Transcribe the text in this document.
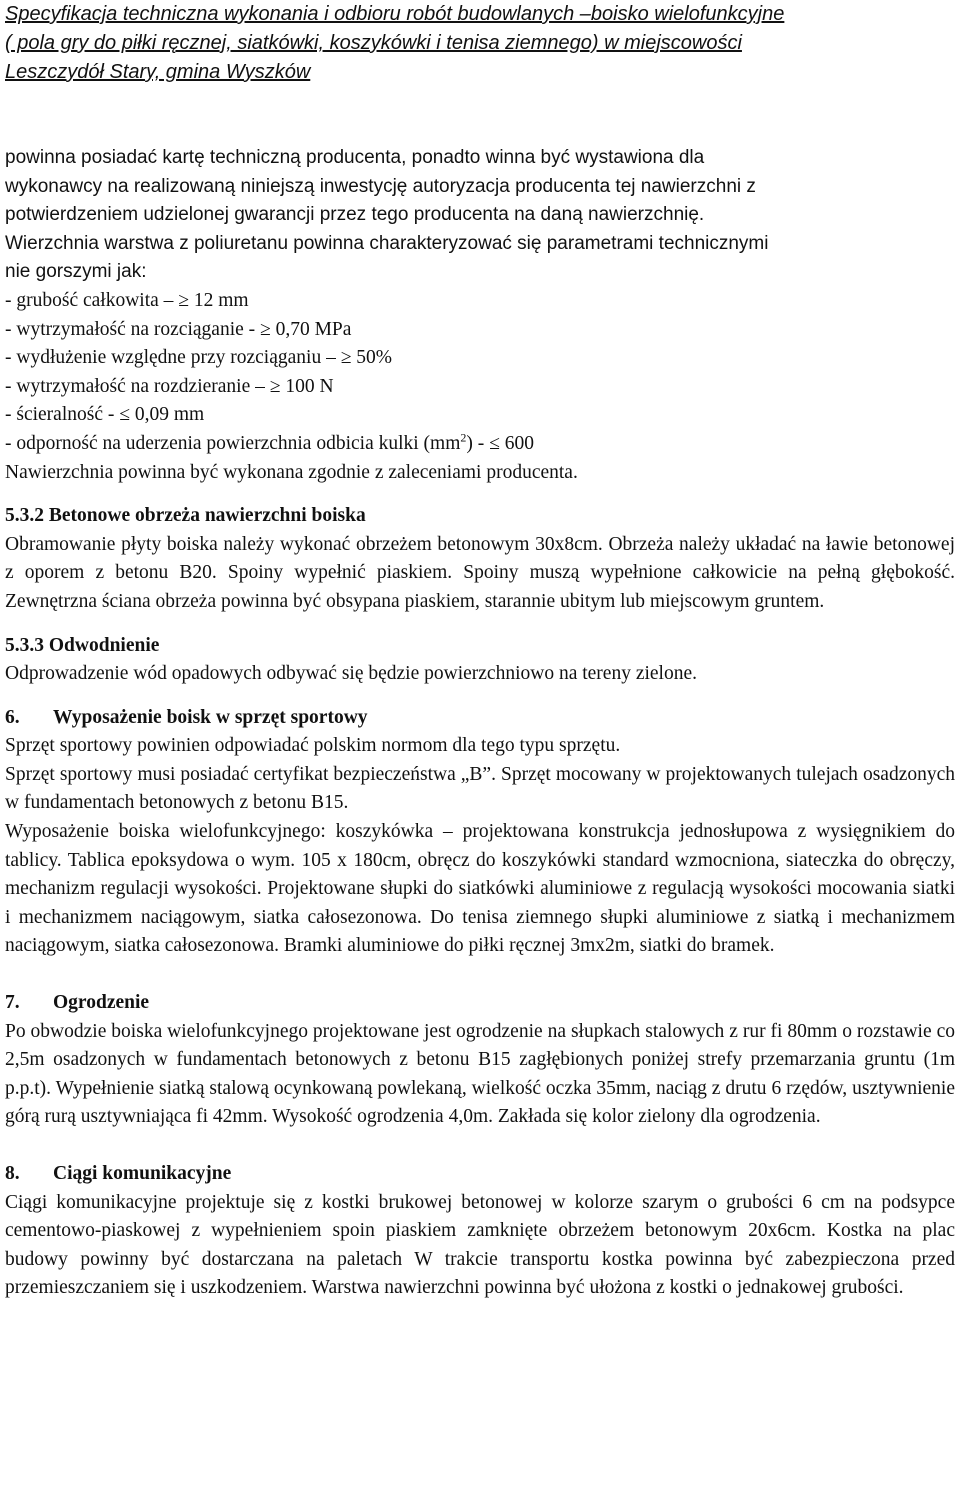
Specyfikacja techniczna wykonania i odbioru robót budowlanych –boisko wielofunkcyjne

( pola gry do piłki ręcznej, siatkówki, koszykówki i tenisa ziemnego) w miejscowości

Leszczydół Stary, gmina Wyszków

powinna posiadać kartę techniczną producenta, ponadto winna być wystawiona dla

wykonawcy na realizowaną niniejszą inwestycję autoryzacja producenta tej nawierzchni z

potwierdzeniem udzielonej gwarancji przez tego producenta na daną nawierzchnię.

Wierzchnia warstwa z poliuretanu powinna charakteryzować się parametrami technicznymi

nie gorszymi jak:

- grubość całkowita – ≥ 12 mm

- wytrzymałość na rozciąganie - ≥ 0,70 MPa

- wydłużenie względne przy rozciąganiu – ≥ 50%

- wytrzymałość na rozdzieranie – ≥ 100 N

- ścieralność - ≤ 0,09 mm

- odporność na uderzenia powierzchnia odbicia kulki $(mm^2)$ - ≤ 600

Nawierzchnia powinna być wykonana zgodnie z zaleceniami producenta.

5.3.2 Betonowe obrzeża nawierzchni boiska

Obramowanie płyty boiska należy wykonać obrzeżem betonowym 30x8cm. Obrzeża należy układać na ławie betonowej z oporem z betonu B20. Spoiny wypełnić piaskiem. Spoiny muszą wypełnione całkowicie na pełną głębokość. Zewnętrzna ściana obrzeża powinna być obsypana piaskiem, starannie ubitym lub miejscowym gruntem.

5.3.3 Odwodnienie

Odprowadzenie wód opadowych odbywać się będzie powierzchniowo na tereny zielone.

6. Wyposażenie boisk w sprzęt sportowy

Sprzęt sportowy powinien odpowiadać polskim normom dla tego typu sprzętu.

Sprzęt sportowy musi posiadać certyfikat bezpieczeństwa „B”. Sprzęt mocowany w projektowanych tulejach osadzonych w fundamentach betonowych z betonu B15.

Wyposażenie boiska wielofunkcyjnego: koszykówka – projektowana konstrukcja jednosłupowa z wysięgnikiem do tablicy. Tablica epoksydowa o wym. 105 x 180cm, obręcz do koszykówki standard wzmocniona, siateczka do obręczy, mechanizm regulacji wysokości. Projektowane słupki do siatkówki aluminiowe z regulacją wysokości mocowania siatki i mechanizmem naciągowym, siatka całosezonowa. Do tenisa ziemnego słupki aluminiowe z siatką i mechanizmem naciągowym, siatka całosezonowa. Bramki aluminiowe do piłki ręcznej 3mx2m, siatki do bramek.

7. Ogrodzenie

Po obwodzie boiska wielofunkcyjnego projektowane jest ogrodzenie na słupkach stalowych z rur fi 80mm o rozstawie co 2,5m osadzonych w fundamentach betonowych z betonu B15 zagłębionych poniżej strefy przemarzania gruntu (1m p.p.t). Wypełnienie siatką stalową ocynkowaną powlekaną, wielkość oczka 35mm, naciąg z drutu 6 rzędów, usztywnienie górą rurą usztywniająca fi 42mm. Wysokość ogrodzenia 4,0m. Zakłada się kolor zielony dla ogrodzenia.

8. Ciągi komunikacyjne

Ciągi komunikacyjne projektuje się z kostki brukowej betonowej w kolorze szarym o grubości 6 cm na podsypce cementowo-piaskowej z wypełnieniem spoin piaskiem zamknięte obrzeżem betonowym 20x6cm. Kostka na plac budowy powinny być dostarczana na paletach W trakcie transportu kostka powinna być zabezpieczona przed przemieszczaniem się i uszkodzeniem. Warstwa nawierzchni powinna być ułożona z kostki o jednakowej grubości.
